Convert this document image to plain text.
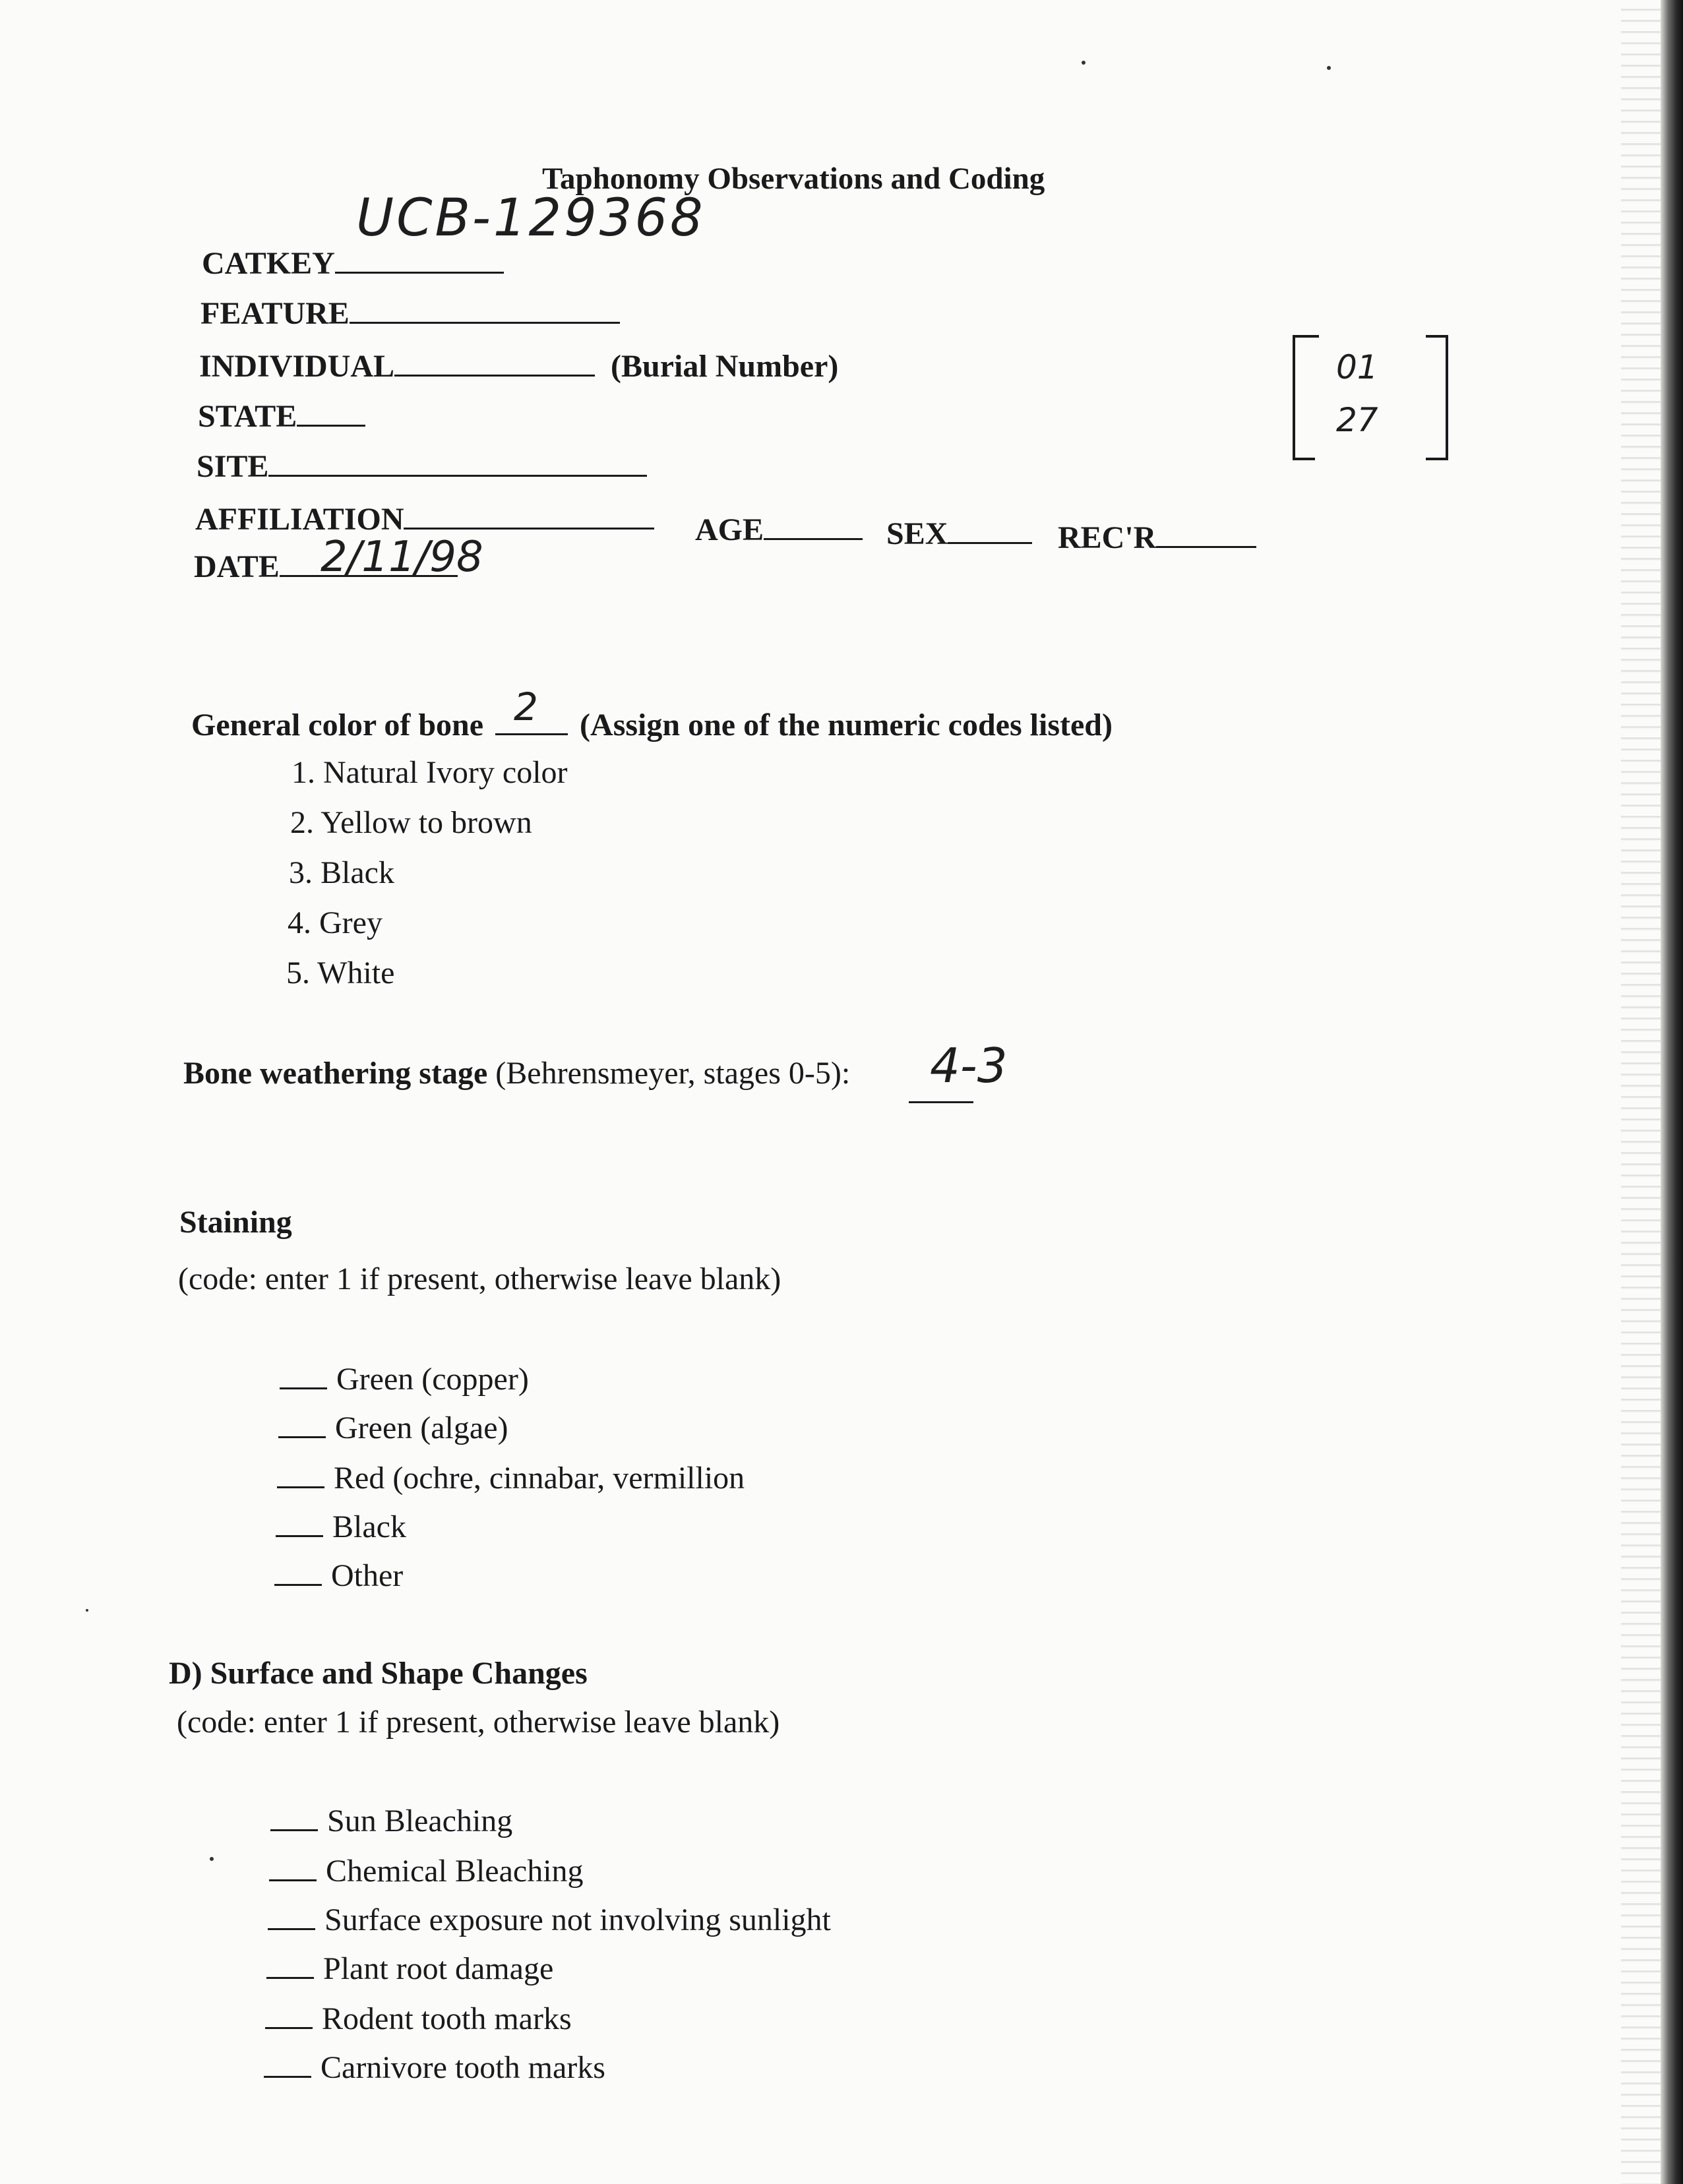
Taphonomy Observations and Coding
UCB-129368
CATKEY
FEATURE
INDIVIDUAL	(Burial Number)
STATE
SITE
AFFILIATION	AGE	SEX	REC'R
DATE 2/11/98
01
27
General color of bone 2 (Assign one of the numeric codes listed)
1. Natural Ivory color
2. Yellow to brown
3. Black
4. Grey
5. White
Bone weathering stage (Behrensmeyer, stages 0-5): 4-3
Staining
(code: enter 1 if present, otherwise leave blank)
Green (copper)
Green (algae)
Red (ochre, cinnabar, vermillion
Black
Other
D) Surface and Shape Changes
(code: enter 1 if present, otherwise leave blank)
Sun Bleaching
Chemical Bleaching
Surface exposure not involving sunlight
Plant root damage
Rodent tooth marks
Carnivore tooth marks
